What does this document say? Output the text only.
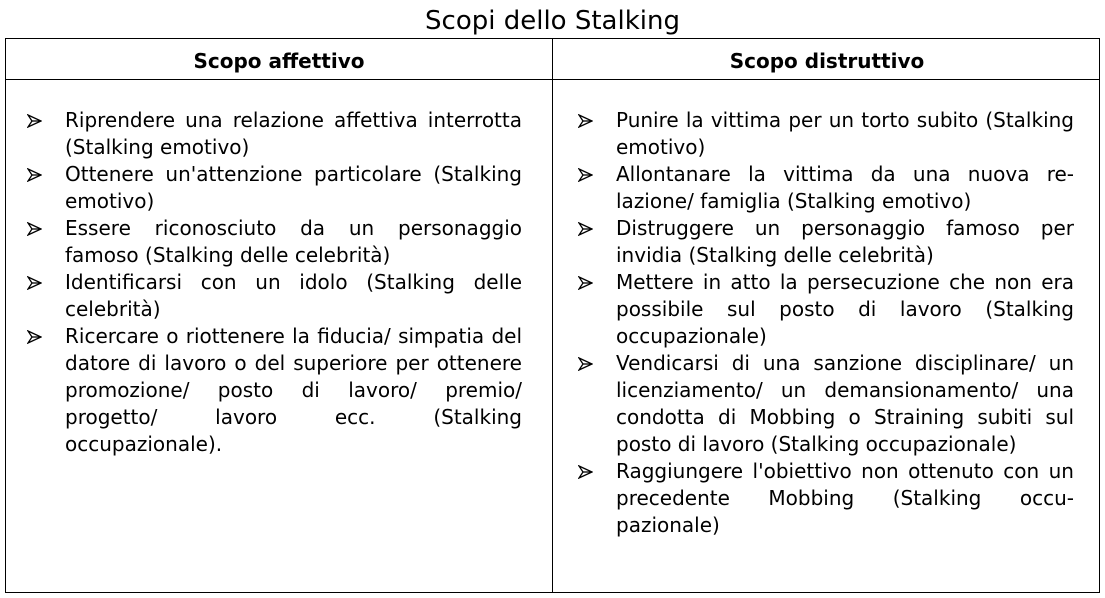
Scopi dello Stalking
Scopo affettivo	Scopo distruttivo
Riprendere una relazione affettiva interrotta (Stalking emotivo)
Ottenere un'attenzione particolare (Stalking emotivo)
Essere riconosciuto da un personaggio famoso (Stalking delle celebrità)
Identificarsi con un idolo (Stalking delle celebrità)
Ricercare o riottenere la fiducia/ simpatia del datore di lavoro o del superiore per ottenere promozione/ posto di lavoro/ premio/ progetto/ lavoro ecc. (Stalking occupazionale).
Punire la vittima per un torto subito (Stalking emotivo)
Allontanare la vittima da una nuova relazione/ famiglia (Stalking emotivo)
Distruggere un personaggio famoso per invidia (Stalking delle celebrità)
Mettere in atto la persecuzione che non era possibile sul posto di lavoro (Stalking occupazionale)
Vendicarsi di una sanzione disciplinare/ un licenziamento/ un demansionamento/ una condotta di Mobbing o Straining subiti sul posto di lavoro (Stalking occupazionale)
Raggiungere l'obiettivo non ottenuto con un precedente Mobbing (Stalking occupazionale)
